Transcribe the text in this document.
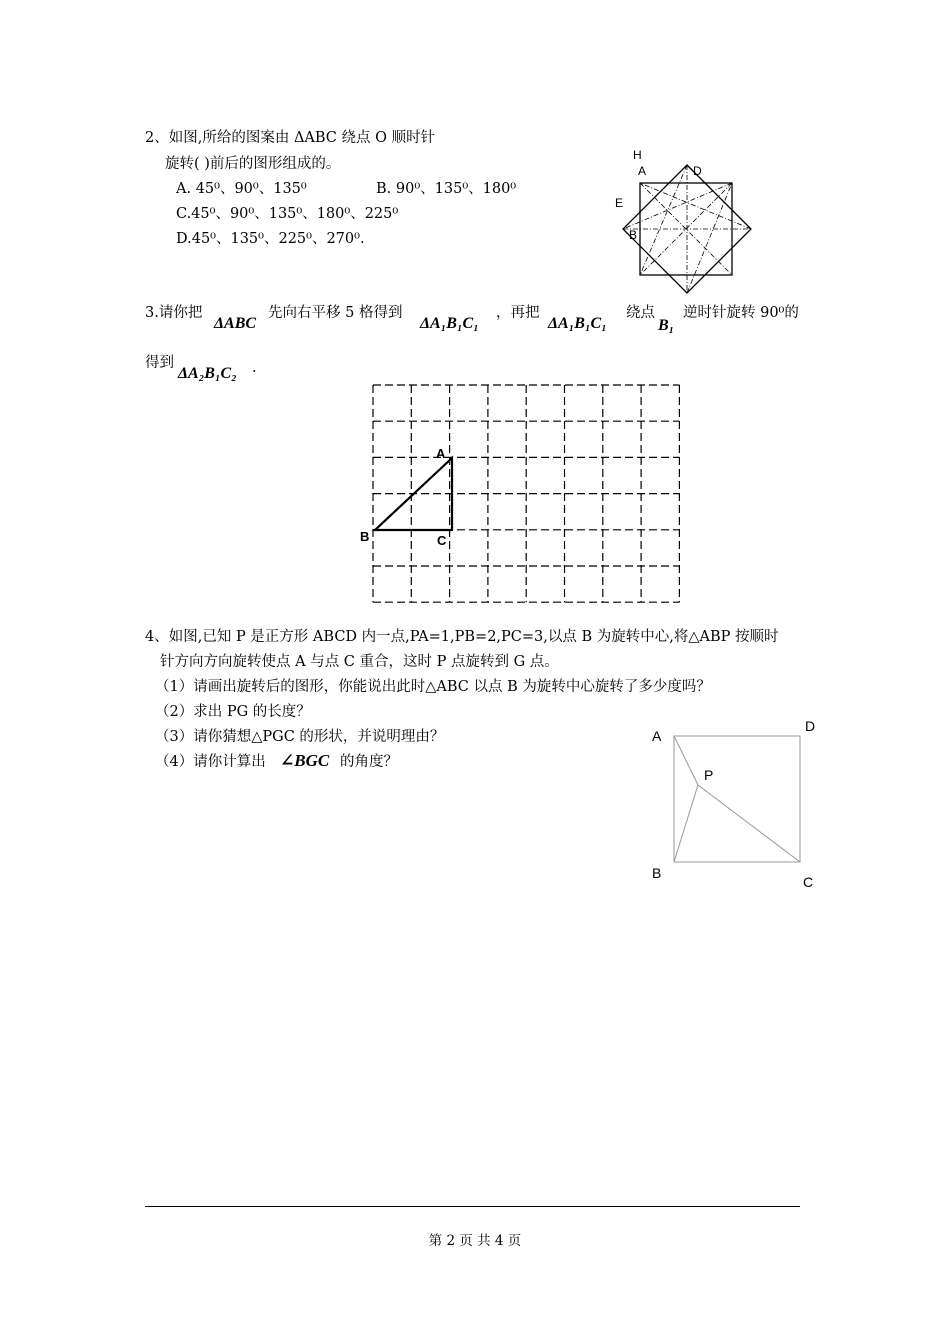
2、如图,所给的图案由 ΔABC 绕点 O 顺时针
旋转( )前后的图形组成的。
A. 45⁰、90⁰、135⁰	B. 90⁰、135⁰、180⁰
C.45⁰、90⁰、135⁰、180⁰、225⁰
D.45⁰、135⁰、225⁰、270⁰.
H
A	D
E
B
3.请你把
ΔABC
先向右平移 5 格得到
ΔA₁B₁C₁
，再把
ΔA₁B₁C₁
绕点
B₁
逆时针旋转 90⁰的
得到
ΔA₂B₁C₂ .
A
B	C
4、如图,已知 P 是正方形 ABCD 内一点,PA=1,PB=2,PC=3,以点 B 为旋转中心,将△ABP 按顺时
针方向方向旋转使点 A 与点 C 重合，这时 P 点旋转到 G 点。
（1）请画出旋转后的图形，你能说出此时△ABC 以点 B 为旋转中心旋转了多少度吗？
（2）求出 PG 的长度？
（3）请你猜想△PGC 的形状，并说明理由？
（4）请你计算出 ∠BGC 的角度？
A
D
P
B
C
第 2 页 共 4 页
